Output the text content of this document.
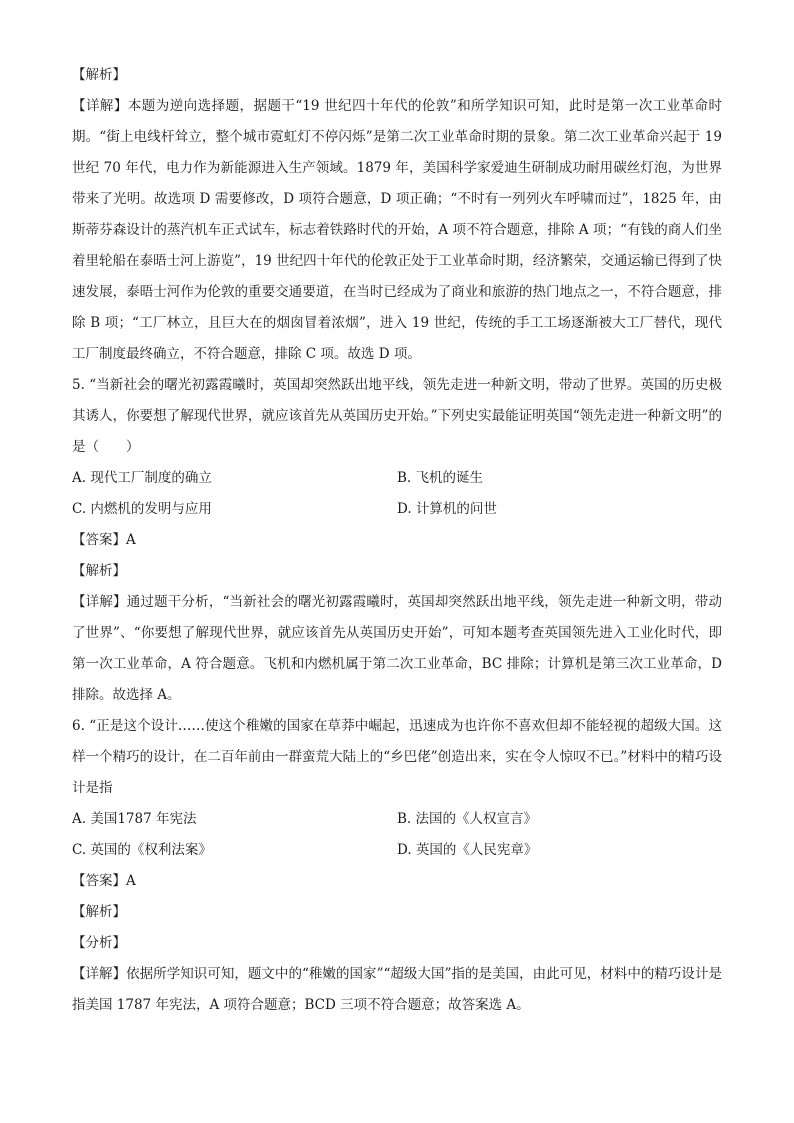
【解析】

【详解】本题为逆向选择题，据题干“19 世纪四十年代的伦敦”和所学知识可知，此时是第一次工业革命时期。“街上电线杆耸立，整个城市霓虹灯不停闪烁”是第二次工业革命时期的景象。第二次工业革命兴起于 19 世纪 70 年代，电力作为新能源进入生产领域。1879 年，美国科学家爱迪生研制成功耐用碳丝灯泡，为世界带来了光明。故选项 D 需要修改，D 项符合题意，D 项正确；“不时有一列列火车呼啸而过”，1825 年，由斯蒂芬森设计的蒸汽机车正式试车，标志着铁路时代的开始，A 项不符合题意，排除 A 项；“有钱的商人们坐着里轮船在泰晤士河上游览”，19 世纪四十年代的伦敦正处于工业革命时期，经济繁荣，交通运输已得到了快速发展，泰晤士河作为伦敦的重要交通要道，在当时已经成为了商业和旅游的热门地点之一，不符合题意，排除 B 项；“工厂林立，且巨大在的烟囱冒着浓烟”，进入 19 世纪，传统的手工工场逐渐被大工厂替代，现代工厂制度最终确立，不符合题意，排除 C 项。故选 D 项。

5. “当新社会的曙光初露霞曦时，英国却突然跃出地平线，领先走进一种新文明，带动了世界。英国的历史极其诱人，你要想了解现代世界，就应该首先从英国历史开始。”下列史实最能证明英国“领先走进一种新文明”的是（　　）

A. 现代工厂制度的确立	B. 飞机的诞生
C. 内燃机的发明与应用	D. 计算机的问世

【答案】A

【解析】

【详解】通过题干分析，“当新社会的曙光初露霞曦时，英国却突然跃出地平线，领先走进一种新文明，带动了世界”、“你要想了解现代世界，就应该首先从英国历史开始”，可知本题考查英国领先进入工业化时代，即第一次工业革命，A 符合题意。飞机和内燃机属于第二次工业革命，BC 排除；计算机是第三次工业革命，D 排除。故选择 A。

6. “正是这个设计……使这个稚嫩的国家在草莽中崛起，迅速成为也许你不喜欢但却不能轻视的超级大国。这样一个精巧的设计，在二百年前由一群蛮荒大陆上的“乡巴佬”创造出来，实在令人惊叹不已。”材料中的精巧设计是指

A. 美国1787 年宪法	B. 法国的《人权宣言》
C. 英国的《权利法案》	D. 英国的《人民宪章》

【答案】A

【解析】

【分析】

【详解】依据所学知识可知，题文中的“稚嫩的国家”“超级大国”指的是美国，由此可见，材料中的精巧设计是指美国 1787 年宪法，A 项符合题意；BCD 三项不符合题意；故答案选 A。
